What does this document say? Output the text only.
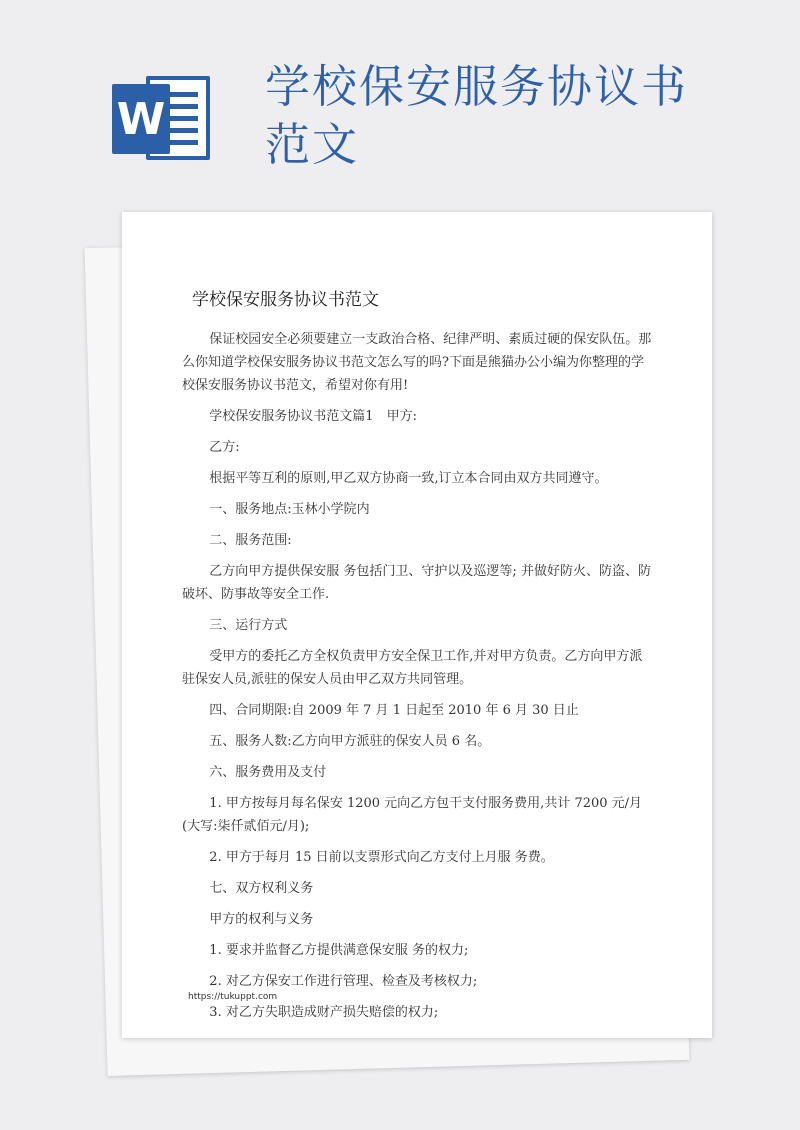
W
学校保安服务协议书范文
学校保安服务协议书范文

保证校园安全必须要建立一支政治合格、纪律严明、素质过硬的保安队伍。那么你知道学校保安服务协议书范文怎么写的吗?下面是熊猫办公小编为你整理的学校保安服务协议书范文，希望对你有用!

学校保安服务协议书范文篇1　甲方:

乙方:

根据平等互利的原则,甲乙双方协商一致,订立本合同由双方共同遵守。

一、服务地点:玉林小学院内

二、服务范围:

乙方向甲方提供保安服 务包括门卫、守护以及巡逻等; 并做好防火、防盗、防破坏、防事故等安全工作.

三、运行方式

受甲方的委托乙方全权负责甲方安全保卫工作,并对甲方负责。乙方向甲方派驻保安人员,派驻的保安人员由甲乙双方共同管理。

四、合同期限:自 2009 年 7 月 1 日起至 2010 年 6 月 30 日止

五、服务人数:乙方向甲方派驻的保安人员 6 名。

六、服务费用及支付

1. 甲方按每月每名保安 1200 元向乙方包干支付服务费用,共计 7200 元/月 (大写:柒仟贰佰元/月);

2. 甲方于每月 15 日前以支票形式向乙方支付上月服 务费。

七、双方权利义务

甲方的权利与义务

1. 要求并监督乙方提供满意保安服 务的权力;

2. 对乙方保安工作进行管理、检查及考核权力;

3. 对乙方失职造成财产损失赔偿的权力;

https://tukuppt.com
